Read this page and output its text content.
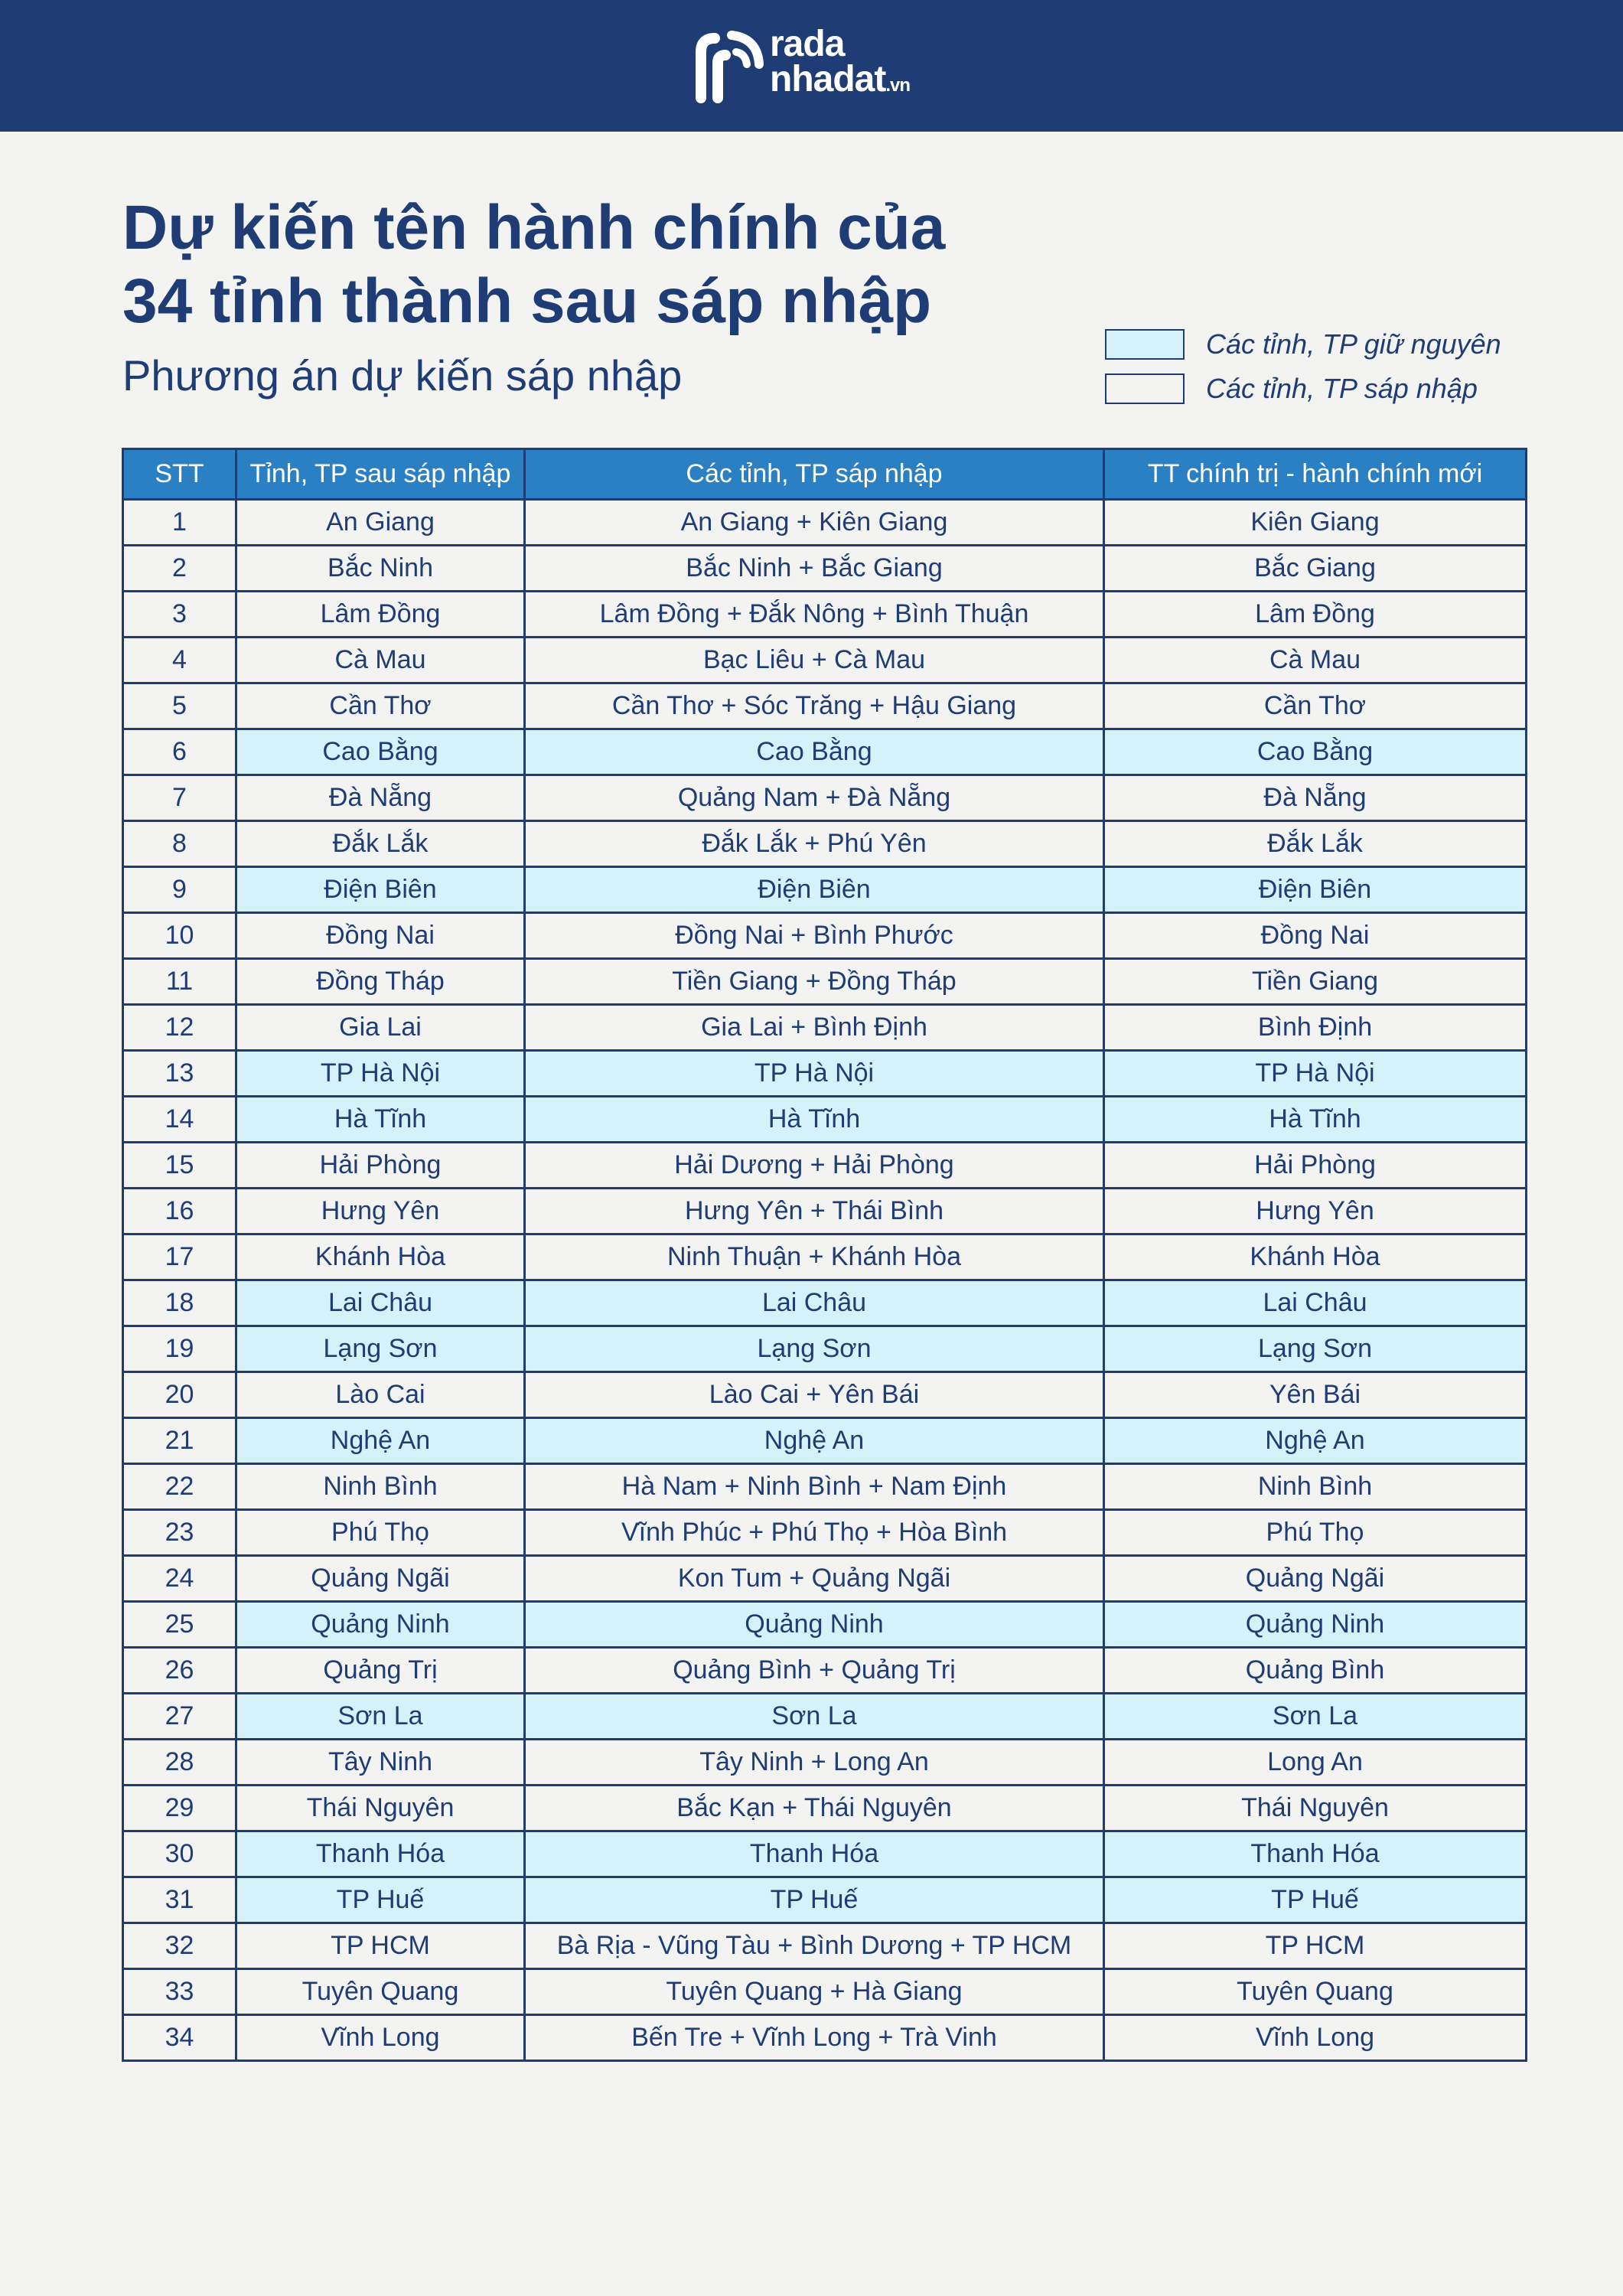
rada
nhadat.vn
Dự kiến tên hành chính của
34 tỉnh thành sau sáp nhập
Phương án dự kiến sáp nhập
Các tỉnh, TP giữ nguyên
Các tỉnh, TP sáp nhập
STT	Tỉnh, TP sau sáp nhập	Các tỉnh, TP sáp nhập	TT chính trị - hành chính mới
1	An Giang	An Giang + Kiên Giang	Kiên Giang
2	Bắc Ninh	Bắc Ninh + Bắc Giang	Bắc Giang
3	Lâm Đồng	Lâm Đồng + Đắk Nông + Bình Thuận	Lâm Đồng
4	Cà Mau	Bạc Liêu + Cà Mau	Cà Mau
5	Cần Thơ	Cần Thơ + Sóc Trăng + Hậu Giang	Cần Thơ
6	Cao Bằng	Cao Bằng	Cao Bằng
7	Đà Nẵng	Quảng Nam + Đà Nẵng	Đà Nẵng
8	Đắk Lắk	Đắk Lắk + Phú Yên	Đắk Lắk
9	Điện Biên	Điện Biên	Điện Biên
10	Đồng Nai	Đồng Nai + Bình Phước	Đồng Nai
11	Đồng Tháp	Tiền Giang + Đồng Tháp	Tiền Giang
12	Gia Lai	Gia Lai + Bình Định	Bình Định
13	TP Hà Nội	TP Hà Nội	TP Hà Nội
14	Hà Tĩnh	Hà Tĩnh	Hà Tĩnh
15	Hải Phòng	Hải Dương + Hải Phòng	Hải Phòng
16	Hưng Yên	Hưng Yên + Thái Bình	Hưng Yên
17	Khánh Hòa	Ninh Thuận + Khánh Hòa	Khánh Hòa
18	Lai Châu	Lai Châu	Lai Châu
19	Lạng Sơn	Lạng Sơn	Lạng Sơn
20	Lào Cai	Lào Cai + Yên Bái	Yên Bái
21	Nghệ An	Nghệ An	Nghệ An
22	Ninh Bình	Hà Nam + Ninh Bình + Nam Định	Ninh Bình
23	Phú Thọ	Vĩnh Phúc + Phú Thọ + Hòa Bình	Phú Thọ
24	Quảng Ngãi	Kon Tum + Quảng Ngãi	Quảng Ngãi
25	Quảng Ninh	Quảng Ninh	Quảng Ninh
26	Quảng Trị	Quảng Bình + Quảng Trị	Quảng Bình
27	Sơn La	Sơn La	Sơn La
28	Tây Ninh	Tây Ninh + Long An	Long An
29	Thái Nguyên	Bắc Kạn + Thái Nguyên	Thái Nguyên
30	Thanh Hóa	Thanh Hóa	Thanh Hóa
31	TP Huế	TP Huế	TP Huế
32	TP HCM	Bà Rịa - Vũng Tàu + Bình Dương + TP HCM	TP HCM
33	Tuyên Quang	Tuyên Quang + Hà Giang	Tuyên Quang
34	Vĩnh Long	Bến Tre + Vĩnh Long + Trà Vinh	Vĩnh Long
